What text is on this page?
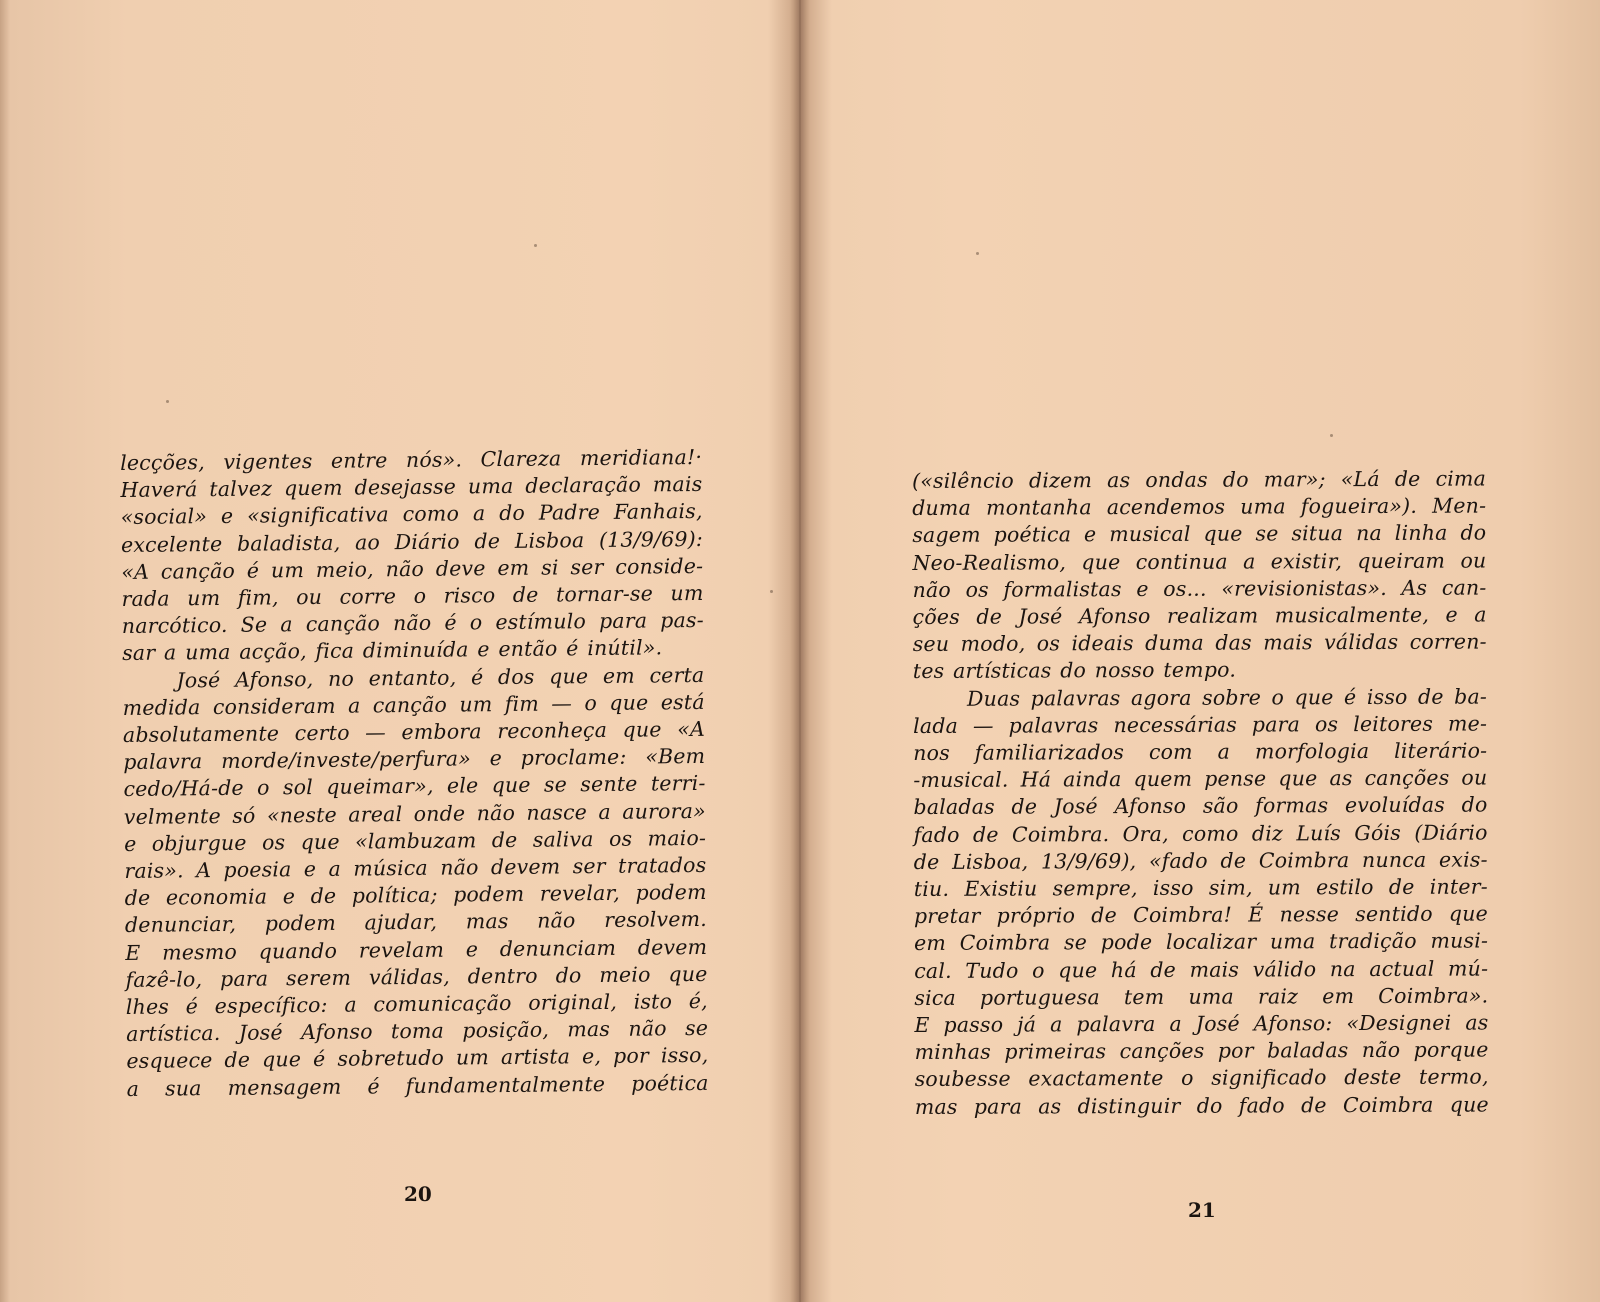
lecções, vigentes entre nós». Clareza meridiana!·
Haverá talvez quem desejasse uma declaração mais
«social» e «significativa como a do Padre Fanhais,
excelente baladista, ao Diário de Lisboa (13/9/69):
«A canção é um meio, não deve em si ser conside-
rada um fim, ou corre o risco de tornar-se um
narcótico. Se a canção não é o estímulo para pas-
sar a uma acção, fica diminuída e então é inútil».
José Afonso, no entanto, é dos que em certa
medida consideram a canção um fim — o que está
absolutamente certo — embora reconheça que «A
palavra morde/investe/perfura» e proclame: «Bem
cedo/Há-de o sol queimar», ele que se sente terri-
velmente só «neste areal onde não nasce a aurora»
e objurgue os que «lambuzam de saliva os maio-
rais». A poesia e a música não devem ser tratados
de economia e de política; podem revelar, podem
denunciar, podem ajudar, mas não resolvem.
E mesmo quando revelam e denunciam devem
fazê-lo, para serem válidas, dentro do meio que
lhes é específico: a comunicação original, isto é,
artística. José Afonso toma posição, mas não se
esquece de que é sobretudo um artista e, por isso,
a sua mensagem é fundamentalmente poética
20
(«silêncio dizem as ondas do mar»; «Lá de cima
duma montanha acendemos uma fogueira»). Men-
sagem poética e musical que se situa na linha do
Neo-Realismo, que continua a existir, queiram ou
não os formalistas e os... «revisionistas». As can-
ções de José Afonso realizam musicalmente, e a
seu modo, os ideais duma das mais válidas corren-
tes artísticas do nosso tempo.
Duas palavras agora sobre o que é isso de ba-
lada — palavras necessárias para os leitores me-
nos familiarizados com a morfologia literário-
-musical. Há ainda quem pense que as canções ou
baladas de José Afonso são formas evoluídas do
fado de Coimbra. Ora, como diz Luís Góis (Diário
de Lisboa, 13/9/69), «fado de Coimbra nunca exis-
tiu. Existiu sempre, isso sim, um estilo de inter-
pretar próprio de Coimbra! É nesse sentido que
em Coimbra se pode localizar uma tradição musi-
cal. Tudo o que há de mais válido na actual mú-
sica portuguesa tem uma raiz em Coimbra».
E passo já a palavra a José Afonso: «Designei as
minhas primeiras canções por baladas não porque
soubesse exactamente o significado deste termo,
mas para as distinguir do fado de Coimbra que
21
